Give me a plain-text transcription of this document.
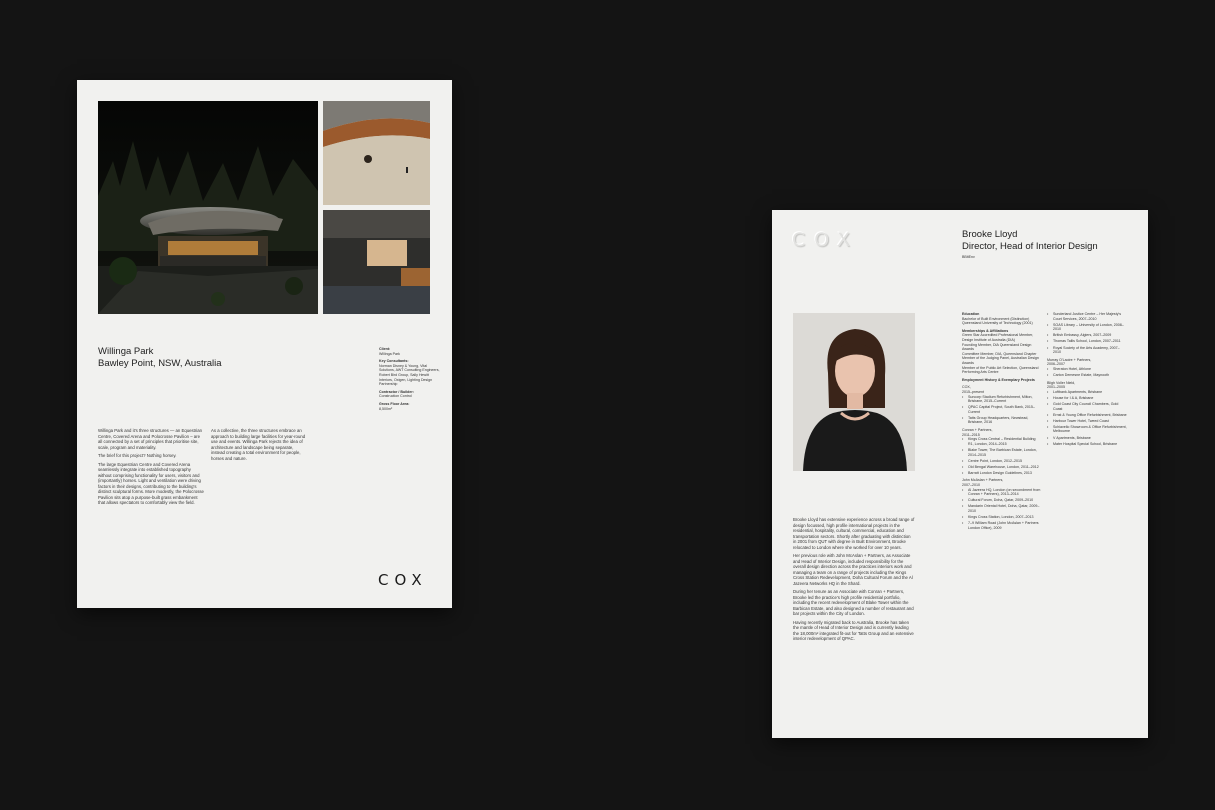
Willinga Park
Bawley Point, NSW, Australia
Client:
Willinga Park
Key Consultants:
Norman Disney & Young, Vital Solutions, AWT Consulting Engineers, Robert Bird Group, Sally Hewitt Interiors, Oxigen, Lighting Design Partnership
Contractor / Builder:
Construction Control
Gross Floor Area:
8,500m²

Willinga Park and it's three structures — an Equestrian Centre, Covered Arena and Polocrosse Pavilion – are all connected by a set of principles that prioritise site, scale, program and materiality.

The brief for this project? Nothing horsey.

The large Equestrian Centre and Covered Arena seamlessly integrate into established topography without comprising functionality for users, visitors and (importantly) horses. Light and ventilation were driving factors in their designs, contributing to the building's distinct sculptural forms. More modestly, the Polocrosse Pavilion sits atop a purpose-built grass embankment that allows spectators to comfortably view the field.

As a collective, the three structures embrace an approach to building large facilities for year-round use and events. Willinga Park rejects the idea of architecture and landscape being separate, instead creating a total environment for people, horses and nature.

COX
COX	Brooke Lloyd
Director, Head of Interior Design
BBltEnv

Brooke Lloyd has extensive experience across a broad range of design focussed, high profile international projects in the residential, hospitality, cultural, commercial, education and transportation sectors. Shortly after graduating with distinction in 2001 from QUT with degree in Built Environment, Brooke relocated to London where she worked for over 10 years.

Her previous role with John McAslan + Partners, as Associate and Head of Interior Design, included responsibility for the overall design direction across the practices interiors work and managing a team on a range of projects including the Kings Cross Station Redevelopment, Doha Cultural Forum and the Al Jazeera Networks HQ in the Shard.

During her tenure as an Associate with Conran + Partners, Brooke led the practice's high profile residential portfolio, including the recent redevelopment of Blake Tower within the Barbican Estate, and also designed a number of restaurant and bar projects within the City of London.

Having recently migrated back to Australia, Brooke has taken the mantle of Head of Interior Design and is currently leading the 18,000m² integrated fit-out for Tatts Group and an extensive interior redevelopment of QPAC.

Education
Bachelor of Built Environment (Distinction) Queensland University of Technology (2001)
Memberships & Affiliations
Green Star Accredited Professional Member, Design Institute of Australia (DIA)
Founding Member, DIA Queensland Design Awards
Committee Member, DIA, Queensland Chapter
Member of the Judging Panel, Australian Design Awards
Member of the Public Art Selection, Queensland Performing Arts Centre
Employment History & Exemplary Projects
COX,
2015–present
• Suncorp Stadium Refurbishment, Milton, Brisbane, 2015–Current
• QPAC Capital Project, South Bank, 2015–Current
• Tatts Group Headquarters, Newstead, Brisbane, 2016
Conran + Partners,
2011–2015
• Kings Cross Central – Residential Building R1, London, 2014–2015
• Blake Tower, The Barbican Estate, London, 2014–2015
• Centre Point, London, 2012–2015
• Old Bengal Warehouse, London, 2011–2012
• Barratt London Design Guidelines, 2013
John McAslan + Partners,
2007–2010
• Al Jazeera HQ, London (on secondment from Conran + Partners), 2013–2014
• Cultural Forum, Doha, Qatar, 2009–2010
• Mandarin Oriental Hotel, Doha, Qatar, 2009–2010
• Kings Cross Station, London, 2007–2013
• 7–9 William Road (John McAslan + Partners London Office), 2009
• Sunderland Justice Centre – Her Majesty's Court Services, 2007–2010
• SOAS Library – University of London, 2008–2010
• British Embassy, Algiers, 2007–2009
• Thomas Tallis School, London, 2007–2011
• Royal Society of the Arts Academy, 2007–2010
Murray O'Laoire + Partners,
2006–2007
• Sheraton Hotel, Athlone
• Carton Demesne Estate, Maynooth
Bligh Voller Nield,
2001–2005
• Loftbank Apartments, Brisbane
• House for I & A, Brisbane
• Gold Coast City Council Chambers, Gold Coast
• Ernst & Young Office Refurbishment, Brisbane
• Harbour Tower Hotel, Tweed Coast
• Schiavello Showroom & Office Refurbishment, Melbourne
• V Apartments, Brisbane
• Mater Hospital Special School, Brisbane
